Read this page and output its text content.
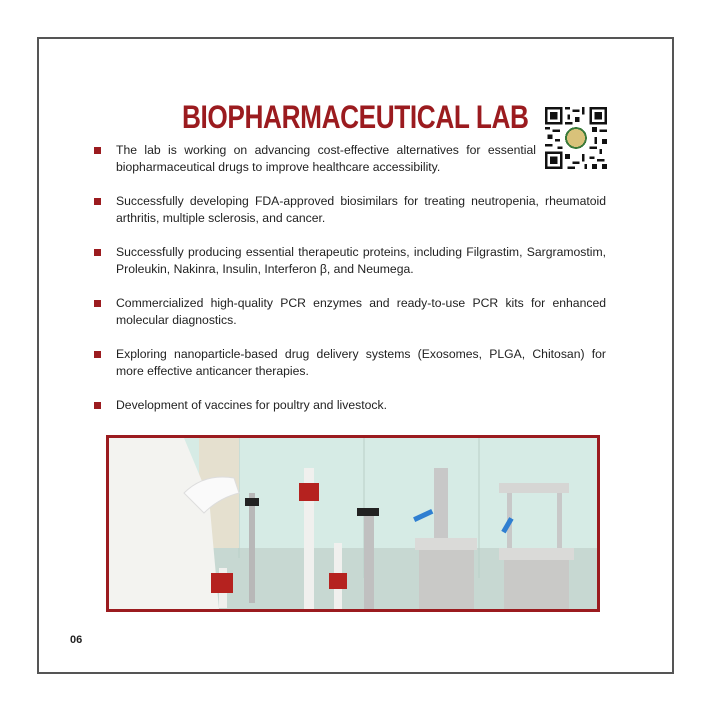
BIOPHARMACEUTICAL LAB
The lab is working on advancing cost-effective alternatives for essential biopharmaceutical drugs to improve healthcare accessibility.
Successfully developing FDA-approved biosimilars for treating neutropenia, rheumatoid arthritis, multiple sclerosis, and cancer.
Successfully producing essential therapeutic proteins, including Filgrastim, Sargramostim, Proleukin, Nakinra, Insulin, Interferon β, and Neumega.
Commercialized high-quality PCR enzymes and ready-to-use PCR kits for enhanced molecular diagnostics.
Exploring nanoparticle-based drug delivery systems (Exosomes, PLGA, Chitosan) for more effective anticancer therapies.
Development of vaccines for poultry and livestock.
06
